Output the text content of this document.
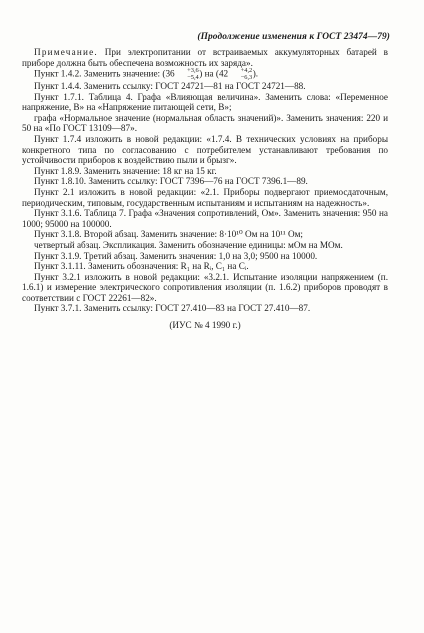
(Продолжение изменения к ГОСТ 23474—79)

Примечание. При электропитании от встраиваемых аккумуляторных батарей в приборе должна быть обеспечена возможность их заряда».

Пункт 1.4.2. Заменить значение: (36	+3,6
−5,4 ) на (42	+4,2
−6,3 ).

Пункт 1.4.4. Заменить ссылку: ГОСТ 24721—81 на ГОСТ 24721—88.

Пункт 1.7.1. Таблица 4. Графа «Влияющая величина». Заменить слова: «Переменное напряжение, В» на «Напряжение питающей сети, В»;

графа «Нормальное значение (нормальная область значений)». Заменить значения: 220 и 50 на «По ГОСТ 13109—87».

Пункт 1.7.4 изложить в новой редакции: «1.7.4. В технических условиях на приборы конкретного типа по согласованию с потребителем устанавливают требования по устойчивости приборов к воздействию пыли и брызг».

Пункт 1.8.9. Заменить значение: 18 кг на 15 кг.

Пункт 1.8.10. Заменить ссылку: ГОСТ 7396—76 на ГОСТ 7396.1—89.

Пункт 2.1 изложить в новой редакции: «2.1. Приборы подвергают приемосдаточным, периодическим, типовым, государственным испытаниям и испытаниям на надежность».

Пункт 3.1.6. Таблица 7. Графа «Значения сопротивлений, Ом». Заменить значения: 950 на 1000; 95000 на 100000.

Пункт 3.1.8. Второй абзац. Заменить значение: 8·10¹⁰ Ом на 10¹¹ Ом;

четвертый абзац. Экспликация. Заменить обозначение единицы: мОм на МОм.

Пункт 3.1.9. Третий абзац. Заменить значения: 1,0 на 3,0; 9500 на 10000.

Пункт 3.1.11. Заменить обозначения: R₁ на Rᵢ, C₁ на Cᵢ.

Пункт 3.2.1 изложить в новой редакции: «3.2.1. Испытание изоляции напряжением (п. 1.6.1) и измерение электрического сопротивления изоляции (п. 1.6.2) приборов проводят в соответствии с ГОСТ 22261—82».

Пункт 3.7.1. Заменить ссылку: ГОСТ 27.410—83 на ГОСТ 27.410—87.

(ИУС № 4 1990 г.)
